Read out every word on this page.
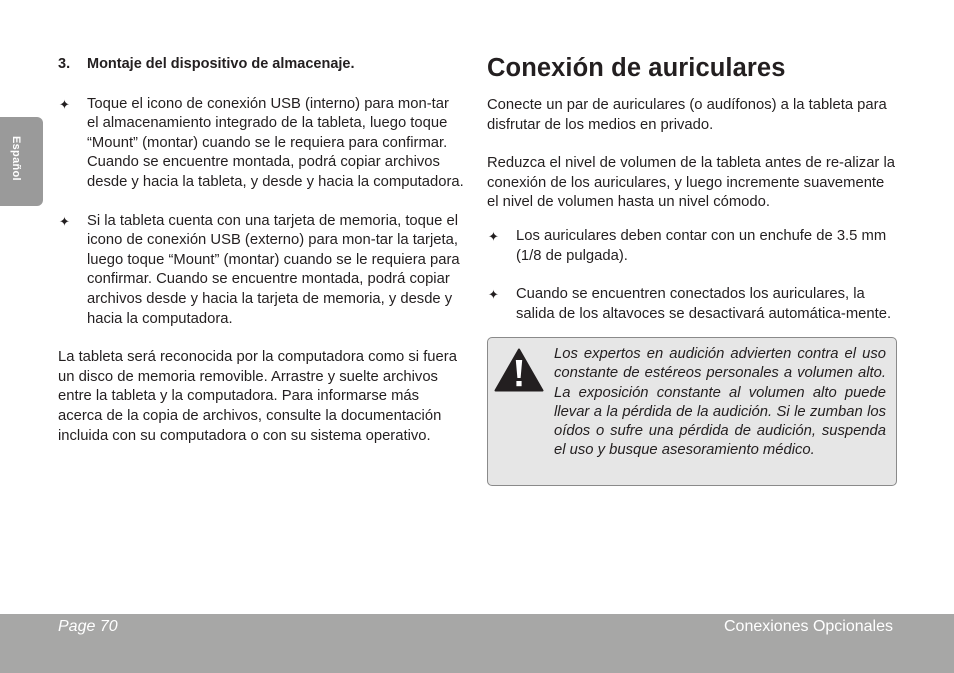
Español
3.	Montaje del dispositivo de almacenaje.
✦	Toque el icono de conexión USB (interno) para mon-tar el almacenamiento integrado de la tableta, luego toque “Mount” (montar) cuando se le requiera para confirmar. Cuando se encuentre montada, podrá copiar archivos desde y hacia la tableta, y desde y hacia la computadora.
✦	Si la tableta cuenta con una tarjeta de memoria, toque el icono de conexión USB (externo) para mon-tar la tarjeta, luego toque “Mount” (montar) cuando se le requiera para confirmar. Cuando se encuentre montada, podrá copiar archivos desde y hacia la tarjeta de memoria, y desde y hacia la computadora.

La tableta será reconocida por la computadora como si fuera un disco de memoria removible. Arrastre y suelte archivos entre la tableta y la computadora. Para informarse más acerca de la copia de archivos, consulte la documentación incluida con su computadora o con su sistema operativo.

Conexión de auriculares

Conecte un par de auriculares (o audífonos) a la tableta para disfrutar de los medios en privado.

Reduzca el nivel de volumen de la tableta antes de re-alizar la conexión de los auriculares, y luego incremente suavemente el nivel de volumen hasta un nivel cómodo.

✦	Los auriculares deben contar con un enchufe de 3.5 mm (1/8 de pulgada).
✦	Cuando se encuentren conectados los auriculares, la salida de los altavoces se desactivará automática-mente.
Los expertos en audición advierten contra el uso constante de estéreos personales a volumen alto. La exposición constante al volumen alto puede llevar a la pérdida de la audición. Si le zumban los oídos o sufre una pérdida de audición, suspenda el uso y busque asesoramiento médico.
Page 70	Conexiones Opcionales
